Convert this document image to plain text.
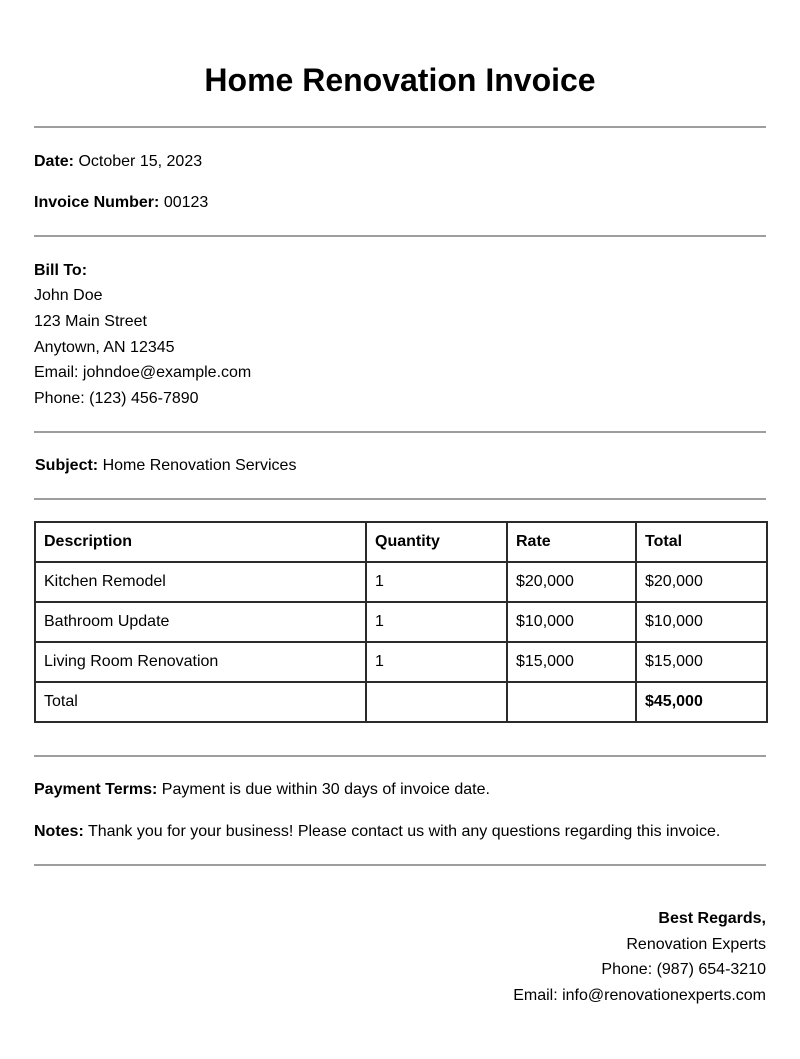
Home Renovation Invoice
Date: October 15, 2023
Invoice Number: 00123
Bill To:
John Doe
123 Main Street
Anytown, AN 12345
Email: johndoe@example.com
Phone: (123) 456-7890
Subject: Home Renovation Services
Description	Quantity	Rate	Total
Kitchen Remodel	1	$20,000	$20,000
Bathroom Update	1	$10,000	$10,000
Living Room Renovation	1	$15,000	$15,000
Total			$45,000
Payment Terms: Payment is due within 30 days of invoice date.
Notes: Thank you for your business! Please contact us with any questions regarding this invoice.
Best Regards,
Renovation Experts
Phone: (987) 654-3210
Email: info@renovationexperts.com
